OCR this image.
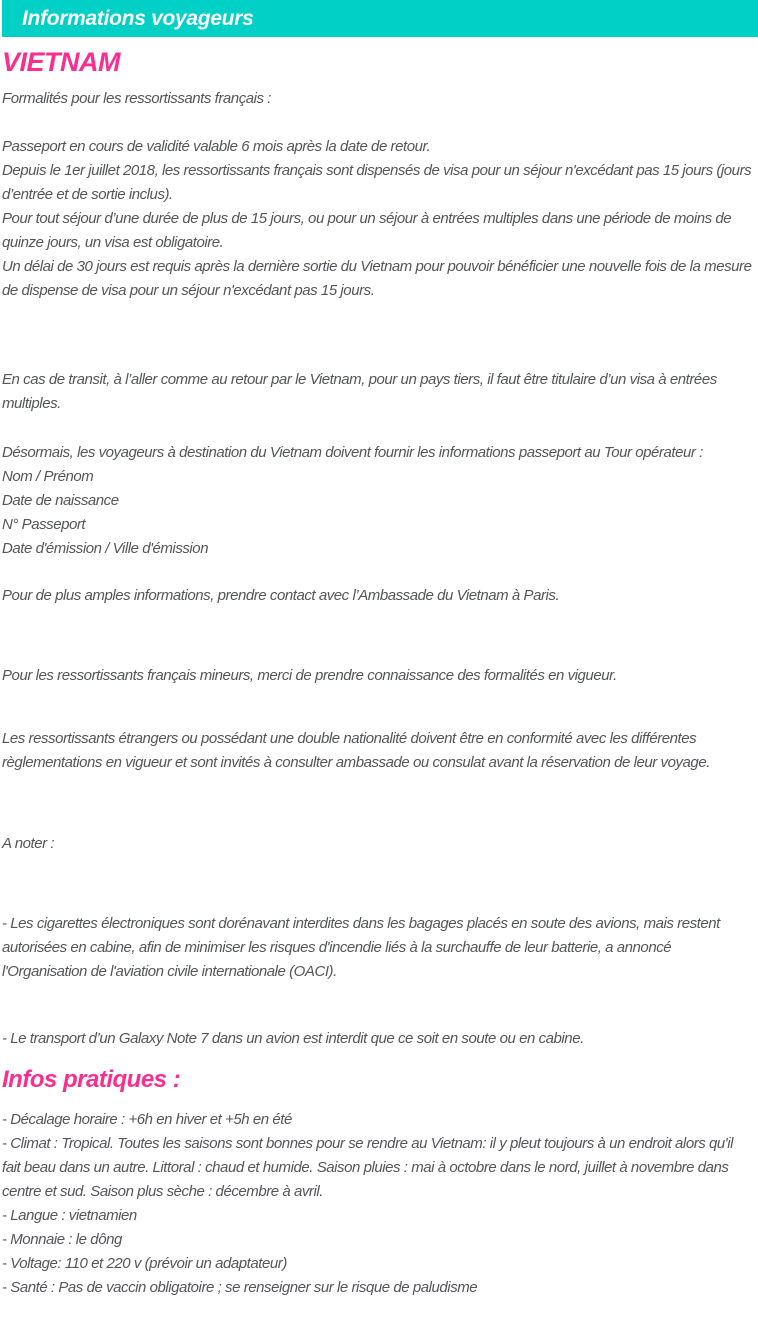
Informations voyageurs
VIETNAM

Formalités pour les ressortissants français :

Passeport en cours de validité valable 6 mois après la date de retour.

Depuis le 1er juillet 2018, les ressortissants français sont dispensés de visa pour un séjour n'excédant pas 15 jours (jours d’entrée et de sortie inclus).

Pour tout séjour d’une durée de plus de 15 jours, ou pour un séjour à entrées multiples dans une période de moins de quinze jours, un visa est obligatoire.

Un délai de 30 jours est requis après la dernière sortie du Vietnam pour pouvoir bénéficier une nouvelle fois de la mesure de dispense de visa pour un séjour n'excédant pas 15 jours.

En cas de transit, à l’aller comme au retour par le Vietnam, pour un pays tiers, il faut être titulaire d’un visa à entrées multiples.

Désormais, les voyageurs à destination du Vietnam doivent fournir les informations passeport au Tour opérateur :

Nom / Prénom

Date de naissance

N° Passeport

Date d'émission / Ville d'émission

Pour de plus amples informations, prendre contact avec l’Ambassade du Vietnam à Paris.

Pour les ressortissants français mineurs, merci de prendre connaissance des formalités en vigueur.

Les ressortissants étrangers ou possédant une double nationalité doivent être en conformité avec les différentes règlementations en vigueur et sont invités à consulter ambassade ou consulat avant la réservation de leur voyage.

A noter :

- Les cigarettes électroniques sont dorénavant interdites dans les bagages placés en soute des avions, mais restent autorisées en cabine, afin de minimiser les risques d'incendie liés à la surchauffe de leur batterie, a annoncé l'Organisation de l'aviation civile internationale (OACI).

- Le transport d’un Galaxy Note 7 dans un avion est interdit que ce soit en soute ou en cabine.

Infos pratiques :

- Décalage horaire : +6h en hiver et +5h en été

- Climat : Tropical. Toutes les saisons sont bonnes pour se rendre au Vietnam: il y pleut toujours à un endroit alors qu'il fait beau dans un autre. Littoral : chaud et humide. Saison pluies : mai à octobre dans le nord, juillet à novembre dans centre et sud. Saison plus sèche : décembre à avril.

- Langue : vietnamien

- Monnaie : le dông

- Voltage: 110 et 220 v (prévoir un adaptateur)

- Santé : Pas de vaccin obligatoire ; se renseigner sur le risque de paludisme
